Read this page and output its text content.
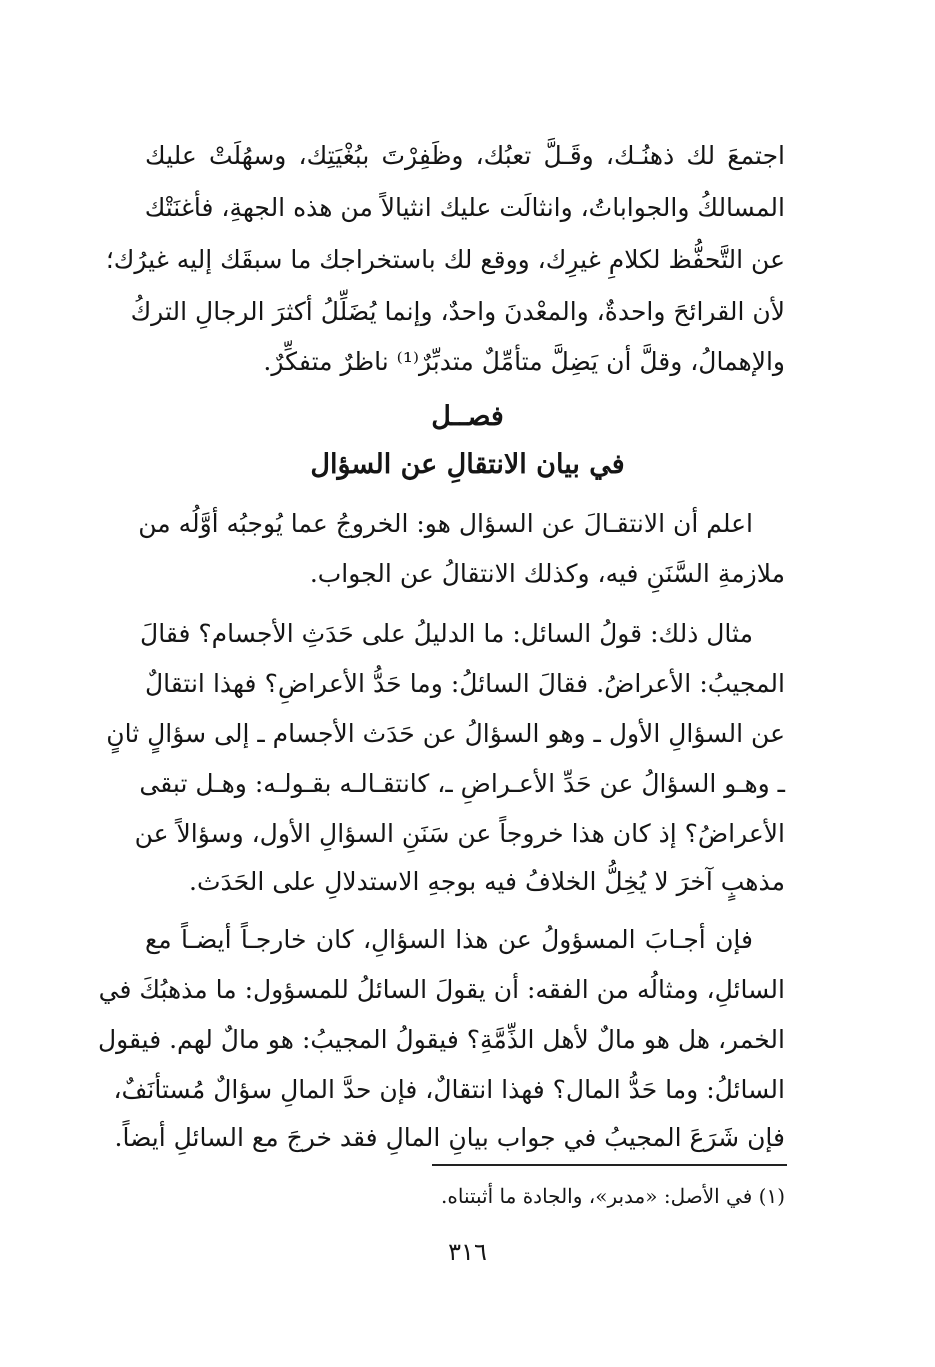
اجتمعَ لك ذهنُـك، وقَـلَّ تعبُك، وظَفِرْتَ ببُغْيَتِك، وسهُلَتْ عليك
المسالكُ والجواباتُ، وانثالَت عليك انثيالاً من هذه الجهةِ، فأغنَتْك
عن التَّحفُّظ لكلامِ غيرِك، ووقع لك باستخراجك ما سبقَك إليه غيرُك؛
لأن القرائحَ واحدةٌ، والمعْدنَ واحدٌ، وإنما يُضَلِّلُ أكثرَ الرجالِ التركُ
والإهمالُ، وقلَّ أن يَضِلَّ متأمِّلٌ متدبِّرٌ⁽¹⁾ ناظرٌ متفكِّرٌ.
فصــل
في بيان الانتقالِ عن السؤال
اعلم أن الانتقـالَ عن السؤال هو: الخروجُ عما يُوجبُه أوَّلُه من
ملازمةِ السَّنَنِ فيه، وكذلك الانتقالُ عن الجواب.
مثال ذلك: قولُ السائل: ما الدليلُ على حَدَثِ الأجسام؟ فقالَ
المجيبُ: الأعراضُ. فقالَ السائلُ: وما حَدُّ الأعراضِ؟ فهذا انتقالٌ
عن السؤالِ الأول ـ وهو السؤالُ عن حَدَث الأجسام ـ إلى سؤالٍ ثانٍ
ـ وهـو السؤالُ عن حَدِّ الأعـراضِ ـ، كانتقـالـه بقـولـه: وهـل تبقى
الأعراضُ؟ إذ كان هذا خروجاً عن سَنَنِ السؤالِ الأول، وسؤالاً عن
مذهبٍ آخرَ لا يُخِلُّ الخلافُ فيه بوجهِ الاستدلالِ على الحَدَث.
فإن أجـابَ المسؤولُ عن هذا السؤالِ، كان خارجـاً أيضـاً مع
السائلِ، ومثالُه من الفقه: أن يقولَ السائلُ للمسؤول: ما مذهبُكَ في
الخمر، هل هو مالٌ لأهل الذِّمَّةِ؟ فيقولُ المجيبُ: هو مالٌ لهم. فيقول
السائلُ: وما حَدُّ المال؟ فهذا انتقالٌ، فإن حدَّ المالِ سؤالٌ مُستأنَفٌ،
فإن شَرَعَ المجيبُ في جواب بيانِ المالِ فقد خرجَ مع السائلِ أيضاً.
(١) في الأصل: «مدبر»، والجادة ما أثبتناه.
٣١٦
